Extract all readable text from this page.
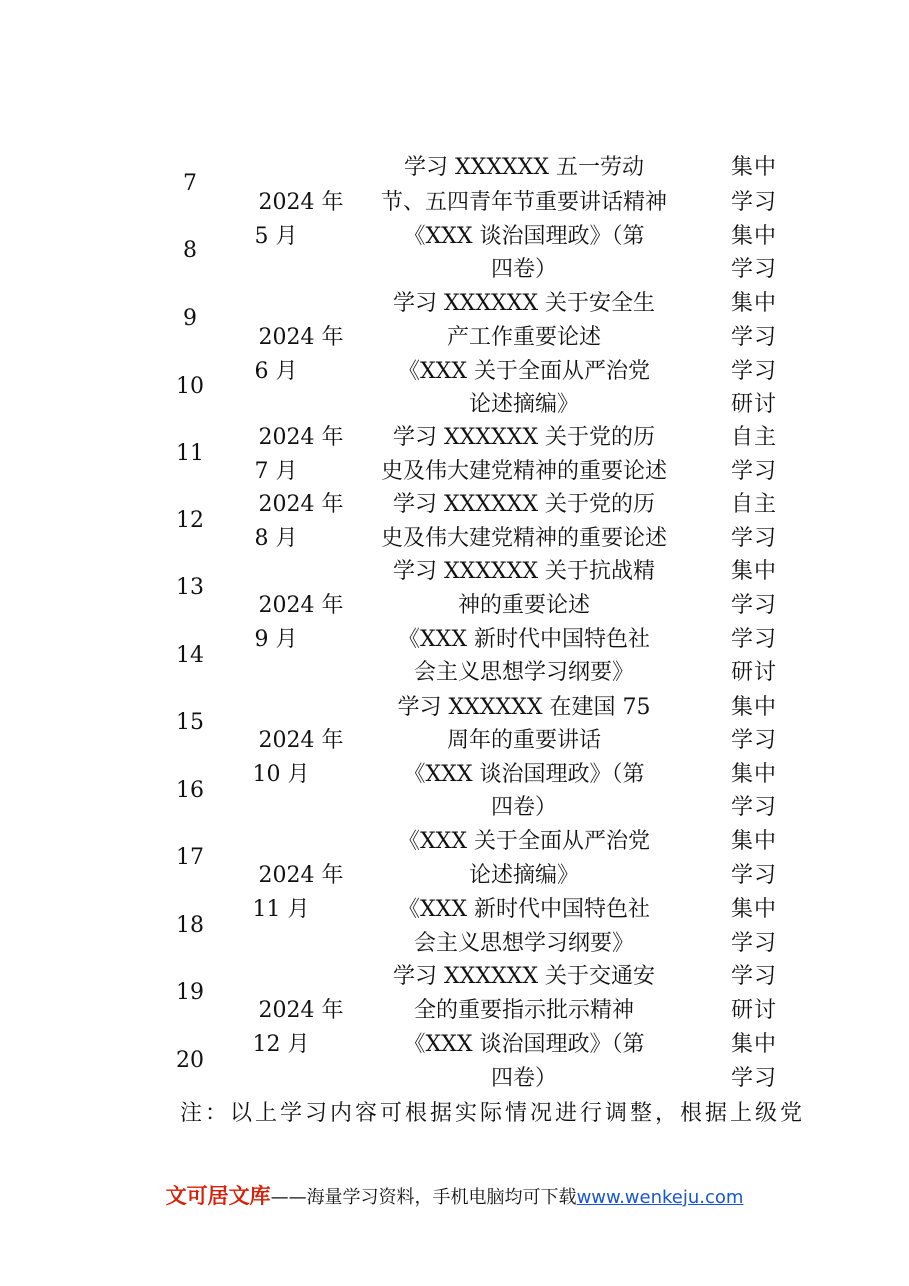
7
8
9
10
11
12
13
14
15
16
17
18
19
20
2024 年
5 月
2024 年
6 月
2024 年
7 月
2024 年
8 月
2024 年
9 月
2024 年
10 月
2024 年
11 月
2024 年
12 月
学习 XXXXXX 五一劳动
节、五四青年节重要讲话精神
《XXX 谈治国理政》（第
四卷）
学习 XXXXXX 关于安全生
产工作重要论述
《XXX 关于全面从严治党
论述摘编》
学习 XXXXXX 关于党的历
史及伟大建党精神的重要论述
学习 XXXXXX 关于党的历
史及伟大建党精神的重要论述
学习 XXXXXX 关于抗战精
神的重要论述
《XXX 新时代中国特色社
会主义思想学习纲要》
学习 XXXXXX 在建国 75
周年的重要讲话
《XXX 谈治国理政》（第
四卷）
《XXX 关于全面从严治党
论述摘编》
《XXX 新时代中国特色社
会主义思想学习纲要》
学习 XXXXXX 关于交通安
全的重要指示批示精神
《XXX 谈治国理政》（第
四卷）
集中
学习
集中
学习
集中
学习
学习
研讨
自主
学习
自主
学习
集中
学习
学习
研讨
集中
学习
集中
学习
集中
学习
集中
学习
学习
研讨
集中
学习
注：以上学习内容可根据实际情况进行调整，根据上级党
文可居文库——海量学习资料，手机电脑均可下载www.wenkeju.com
